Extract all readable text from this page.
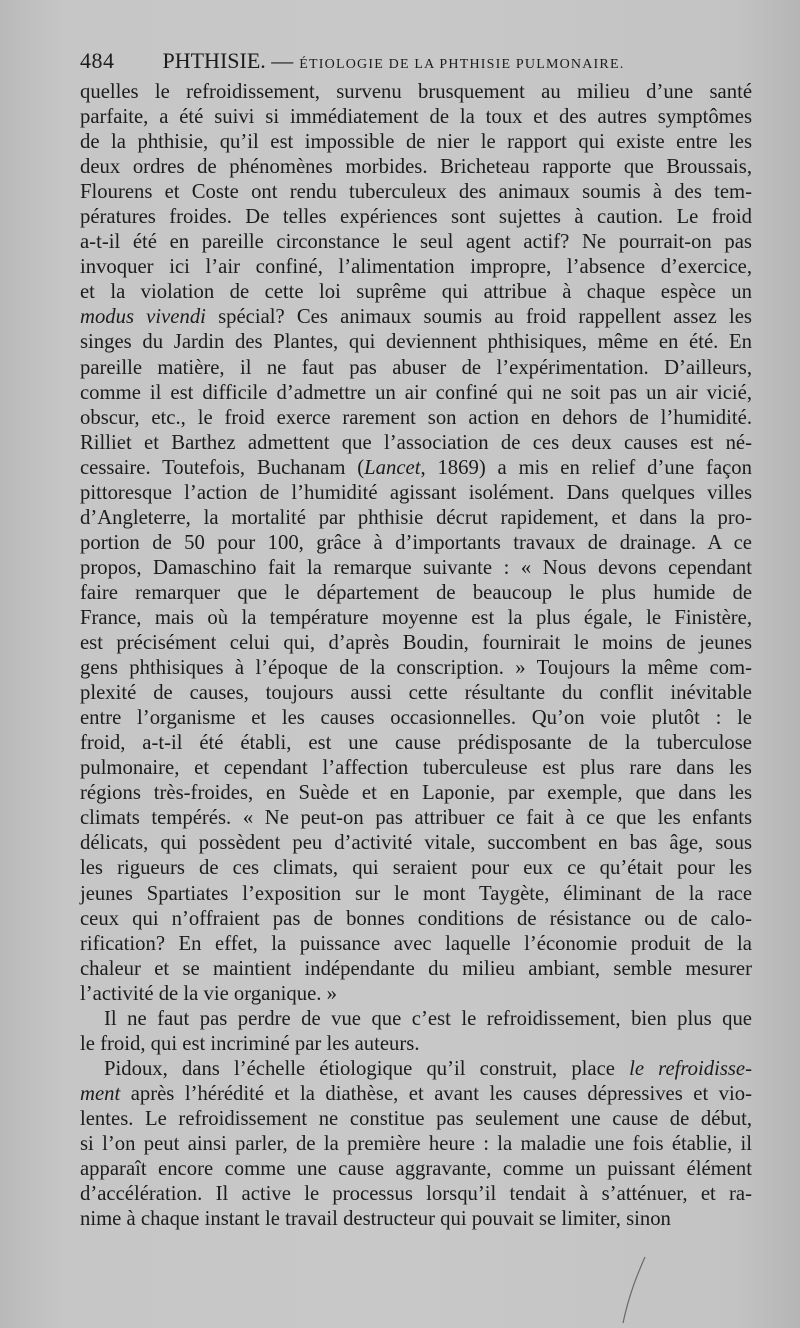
484 PHTHISIE. — ÉTIOLOGIE DE LA PHTHISIE PULMONAIRE.

quelles le refroidissement, survenu brusquement au milieu d’une santé
parfaite, a été suivi si immédiatement de la toux et des autres symptômes
de la phthisie, qu’il est impossible de nier le rapport qui existe entre les
deux ordres de phénomènes morbides. Bricheteau rapporte que Broussais,
Flourens et Coste ont rendu tuberculeux des animaux soumis à des tem-
pératures froides. De telles expériences sont sujettes à caution. Le froid
a-t-il été en pareille circonstance le seul agent actif? Ne pourrait-on pas
invoquer ici l’air confiné, l’alimentation impropre, l’absence d’exercice,
et la violation de cette loi suprême qui attribue à chaque espèce un
modus vivendi spécial? Ces animaux soumis au froid rappellent assez les
singes du Jardin des Plantes, qui deviennent phthisiques, même en été. En
pareille matière, il ne faut pas abuser de l’expérimentation. D’ailleurs,
comme il est difficile d’admettre un air confiné qui ne soit pas un air vicié,
obscur, etc., le froid exerce rarement son action en dehors de l’humidité.
Rilliet et Barthez admettent que l’association de ces deux causes est né-
cessaire. Toutefois, Buchanam (Lancet, 1869) a mis en relief d’une façon
pittoresque l’action de l’humidité agissant isolément. Dans quelques villes
d’Angleterre, la mortalité par phthisie décrut rapidement, et dans la pro-
portion de 50 pour 100, grâce à d’importants travaux de drainage. A ce
propos, Damaschino fait la remarque suivante : « Nous devons cependant
faire remarquer que le département de beaucoup le plus humide de
France, mais où la température moyenne est la plus égale, le Finistère,
est précisément celui qui, d’après Boudin, fournirait le moins de jeunes
gens phthisiques à l’époque de la conscription. » Toujours la même com-
plexité de causes, toujours aussi cette résultante du conflit inévitable
entre l’organisme et les causes occasionnelles. Qu’on voie plutôt : le
froid, a-t-il été établi, est une cause prédisposante de la tuberculose
pulmonaire, et cependant l’affection tuberculeuse est plus rare dans les
régions très-froides, en Suède et en Laponie, par exemple, que dans les
climats tempérés. « Ne peut-on pas attribuer ce fait à ce que les enfants
délicats, qui possèdent peu d’activité vitale, succombent en bas âge, sous
les rigueurs de ces climats, qui seraient pour eux ce qu’était pour les
jeunes Spartiates l’exposition sur le mont Taygète, éliminant de la race
ceux qui n’offraient pas de bonnes conditions de résistance ou de calo-
rification? En effet, la puissance avec laquelle l’économie produit de la
chaleur et se maintient indépendante du milieu ambiant, semble mesurer
l’activité de la vie organique. »

Il ne faut pas perdre de vue que c’est le refroidissement, bien plus que
le froid, qui est incriminé par les auteurs.

Pidoux, dans l’échelle étiologique qu’il construit, place le refroidisse-
ment après l’hérédité et la diathèse, et avant les causes dépressives et vio-
lentes. Le refroidissement ne constitue pas seulement une cause de début,
si l’on peut ainsi parler, de la première heure : la maladie une fois établie, il
apparaît encore comme une cause aggravante, comme un puissant élément
d’accélération. Il active le processus lorsqu’il tendait à s’atténuer, et ra-
nime à chaque instant le travail destructeur qui pouvait se limiter, sinon
